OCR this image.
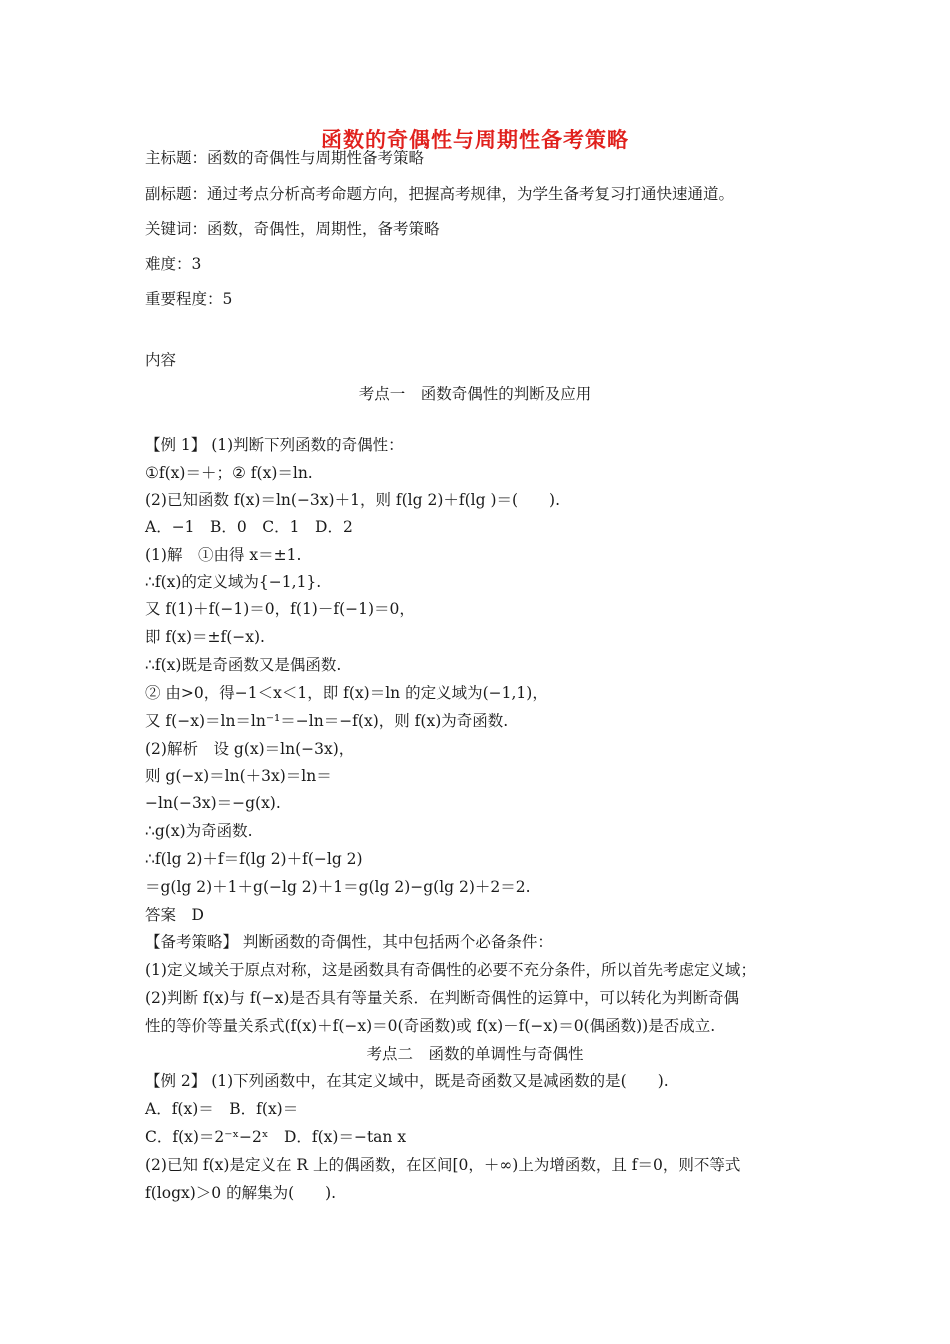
函数的奇偶性与周期性备考策略
主标题：函数的奇偶性与周期性备考策略
副标题：通过考点分析高考命题方向，把握高考规律，为学生备考复习打通快速通道。
关键词：函数，奇偶性，周期性，备考策略
难度：3
重要程度：5
内容
考点一　函数奇偶性的判断及应用
【例 1】 (1)判断下列函数的奇偶性：
①f(x)＝＋；② f(x)＝ln.
(2)已知函数 f(x)＝ln(−3x)＋1，则 f(lg 2)＋f(lg )＝(　　).
A．−1　B．0　C．1　D．2
(1)解　①由得 x＝±1.
∴f(x)的定义域为{−1,1}.
又 f(1)＋f(−1)＝0，f(1)－f(−1)＝0，
即 f(x)＝±f(−x).
∴f(x)既是奇函数又是偶函数.
② 由>0，得−1＜x＜1，即 f(x)＝ln 的定义域为(−1,1)，
又 f(−x)＝ln＝ln⁻¹＝−ln＝−f(x)，则 f(x)为奇函数.
(2)解析　设 g(x)＝ln(−3x)，
则 g(−x)＝ln(＋3x)＝ln＝
−ln(−3x)＝−g(x).
∴g(x)为奇函数.
∴f(lg 2)＋f＝f(lg 2)＋f(−lg 2)
＝g(lg 2)＋1＋g(−lg 2)＋1＝g(lg 2)−g(lg 2)＋2＝2.
答案　D
【备考策略】 判断函数的奇偶性，其中包括两个必备条件：
(1)定义域关于原点对称，这是函数具有奇偶性的必要不充分条件，所以首先考虑定义域；
(2)判断 f(x)与 f(−x)是否具有等量关系．在判断奇偶性的运算中，可以转化为判断奇偶
性的等价等量关系式(f(x)＋f(−x)＝0(奇函数)或 f(x)－f(−x)＝0(偶函数))是否成立.
考点二　函数的单调性与奇偶性
【例 2】 (1)下列函数中，在其定义域中，既是奇函数又是减函数的是(　　).
A．f(x)＝　B．f(x)＝
C．f(x)＝2⁻ˣ−2ˣ　D．f(x)＝−tan x
(2)已知 f(x)是定义在 R 上的偶函数，在区间[0，＋∞)上为增函数，且 f＝0，则不等式
f(logx)＞0 的解集为(　　).
